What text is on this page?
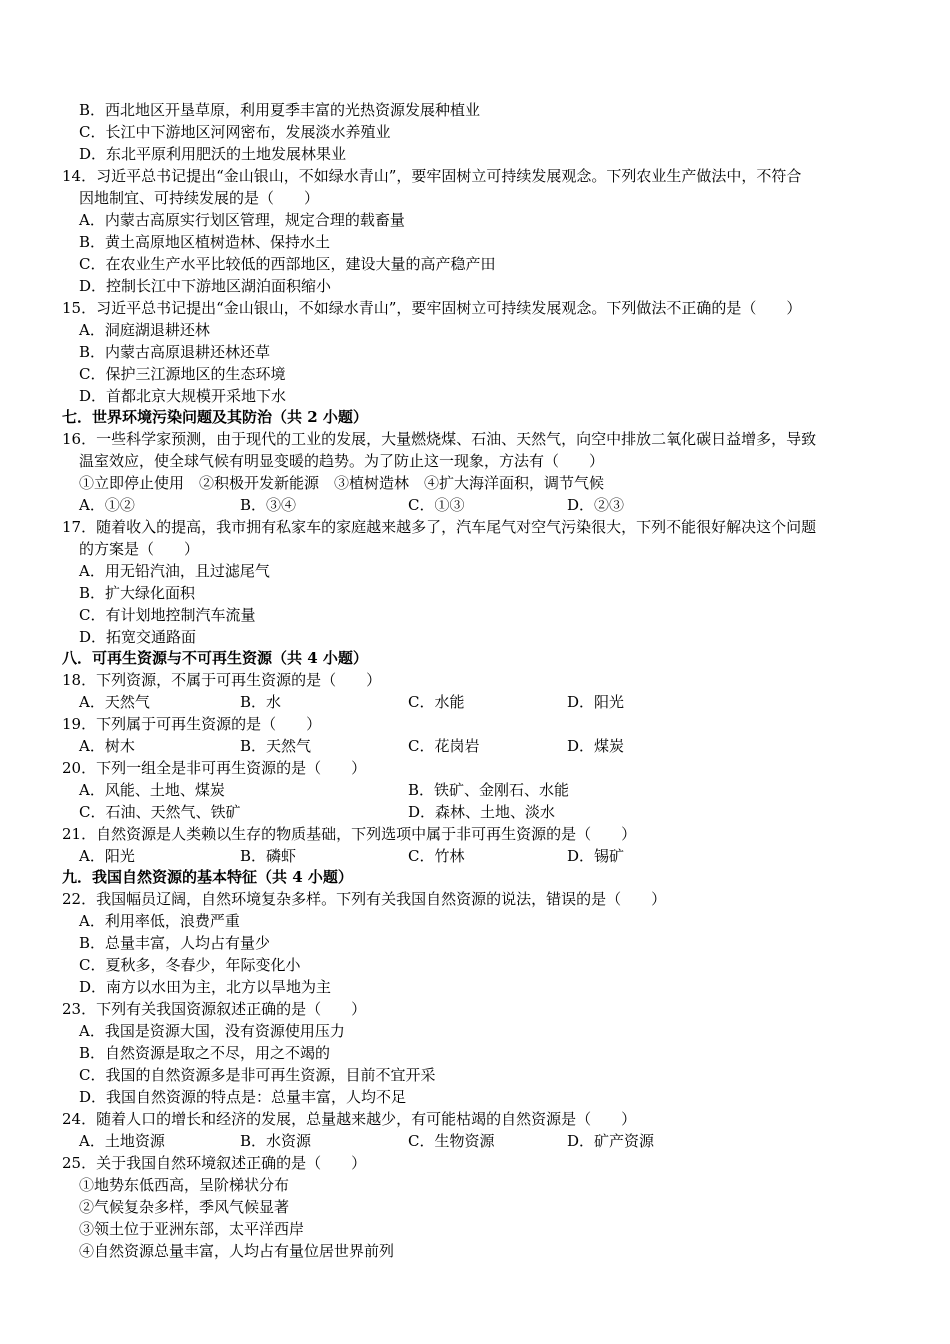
B．西北地区开垦草原，利用夏季丰富的光热资源发展种植业
C．长江中下游地区河网密布，发展淡水养殖业
D．东北平原利用肥沃的土地发展林果业
14．习近平总书记提出“金山银山，不如绿水青山”，要牢固树立可持续发展观念。下列农业生产做法中，不符合
因地制宜、可持续发展的是（　　）
A．内蒙古高原实行划区管理，规定合理的载畜量
B．黄土高原地区植树造林、保持水土
C．在农业生产水平比较低的西部地区，建设大量的高产稳产田
D．控制长江中下游地区湖泊面积缩小
15．习近平总书记提出“金山银山，不如绿水青山”，要牢固树立可持续发展观念。下列做法不正确的是（　　）
A．洞庭湖退耕还林
B．内蒙古高原退耕还林还草
C．保护三江源地区的生态环境
D．首都北京大规模开采地下水
七．世界环境污染问题及其防治（共 2 小题）
16．一些科学家预测，由于现代的工业的发展，大量燃烧煤、石油、天然气，向空中排放二氧化碳日益增多，导致
温室效应，使全球气候有明显变暖的趋势。为了防止这一现象，方法有（　　）
①立即停止使用　②积极开发新能源　③植树造林　④扩大海洋面积，调节气候
A．①②	B．③④	C．①③	D．②③
17．随着收入的提高，我市拥有私家车的家庭越来越多了，汽车尾气对空气污染很大，下列不能很好解决这个问题
的方案是（　　）
A．用无铅汽油，且过滤尾气
B．扩大绿化面积
C．有计划地控制汽车流量
D．拓宽交通路面
八．可再生资源与不可再生资源（共 4 小题）
18．下列资源，不属于可再生资源的是（　　）
A．天然气	B．水	C．水能	D．阳光
19．下列属于可再生资源的是（　　）
A．树木	B．天然气	C．花岗岩	D．煤炭
20．下列一组全是非可再生资源的是（　　）
A．风能、土地、煤炭	B．铁矿、金刚石、水能
C．石油、天然气、铁矿	D．森林、土地、淡水
21．自然资源是人类赖以生存的物质基础，下列选项中属于非可再生资源的是（　　）
A．阳光	B．磷虾	C．竹林	D．锡矿
九．我国自然资源的基本特征（共 4 小题）
22．我国幅员辽阔，自然环境复杂多样。下列有关我国自然资源的说法，错误的是（　　）
A．利用率低，浪费严重
B．总量丰富，人均占有量少
C．夏秋多，冬春少，年际变化小
D．南方以水田为主，北方以旱地为主
23．下列有关我国资源叙述正确的是（　　）
A．我国是资源大国，没有资源使用压力
B．自然资源是取之不尽，用之不竭的
C．我国的自然资源多是非可再生资源，目前不宜开采
D．我国自然资源的特点是：总量丰富，人均不足
24．随着人口的增长和经济的发展，总量越来越少，有可能枯竭的自然资源是（　　）
A．土地资源	B．水资源	C．生物资源	D．矿产资源
25．关于我国自然环境叙述正确的是（　　）
①地势东低西高，呈阶梯状分布
②气候复杂多样，季风气候显著
③领土位于亚洲东部，太平洋西岸
④自然资源总量丰富，人均占有量位居世界前列
